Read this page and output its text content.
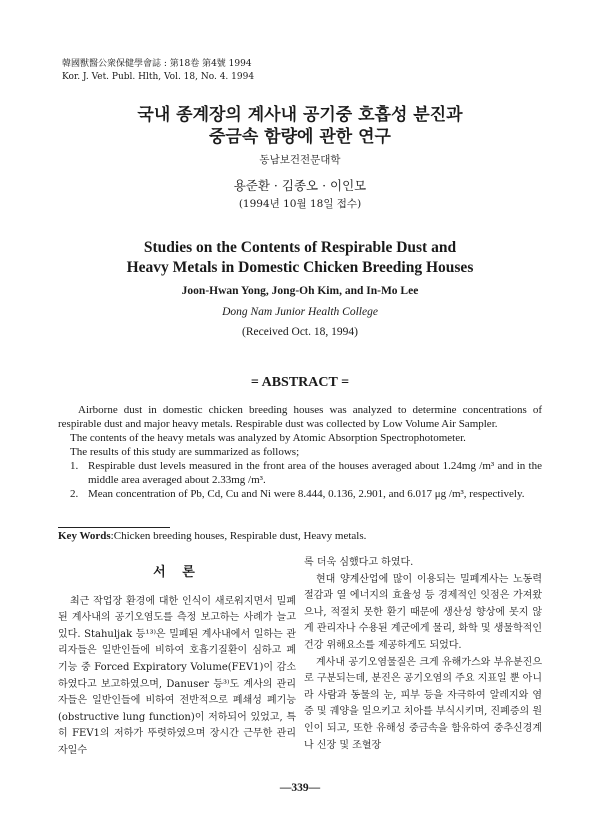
韓國獸醫公衆保健學會誌 : 第18卷 第4號 1994
Kor. J. Vet. Publ. Hlth, Vol. 18, No. 4. 1994
국내 종계장의 계사내 공기중 호흡성 분진과
중금속 함량에 관한 연구
동남보건전문대학
용준환 · 김종오 · 이인모
(1994년 10월 18일 접수)
Studies on the Contents of Respirable Dust and
Heavy Metals in Domestic Chicken Breeding Houses
Joon-Hwan Yong, Jong-Oh Kim, and In-Mo Lee
Dong Nam Junior Health College
(Received Oct. 18, 1994)
= ABSTRACT =

Airborne dust in domestic chicken breeding houses was analyzed to determine concentrations of respirable dust and major heavy metals. Respirable dust was collected by Low Volume Air Sampler.

The contents of the heavy metals was analyzed by Atomic Absorption Spectrophotometer.

The results of this study are summarized as follows;

1. Respirable dust levels measured in the front area of the houses averaged about 1.24mg /m³ and in the middle area averaged about 2.33mg /m³.
2. Mean concentration of Pb, Cd, Cu and Ni were 8.444, 0.136, 2.901, and 6.017 μg /m³, respectively.
Key Words:Chicken breeding houses, Respirable dust, Heavy metals.
서 론

최근 작업장 환경에 대한 인식이 새로워지면서 밀폐된 계사내의 공기오염도를 측정 보고하는 사례가 늘고 있다. Stahuljak 등¹³⁾은 밀폐된 계사내에서 일하는 관리자들은 일반인들에 비하여 호흡기질환이 심하고 폐기능 중 Forced Expiratory Volume(FEV1)이 감소하였다고 보고하였으며, Danuser 등³⁾도 계사의 관리자들은 일반인들에 비하여 전반적으로 폐쇄성 폐기능 (obstructive lung function)이 저하되어 있었고, 특히 FEV1의 저하가 뚜렷하였으며 장시간 근무한 관리자일수

록 더욱 심했다고 하였다.

현대 양계산업에 많이 이용되는 밀폐계사는 노동력 절감과 열 에너지의 효율성 등 경제적인 잇점은 가져왔으나, 적절치 못한 환기 때문에 생산성 향상에 못지 않게 관리자나 수용된 계군에게 물리, 화학 및 생물학적인 건강 위해요소를 제공하게도 되었다.

계사내 공기오염물질은 크게 유해가스와 부유분진으로 구분되는데, 분진은 공기오염의 주요 지표일 뿐 아니라 사람과 동물의 눈, 피부 등을 자극하여 알레지와 염증 및 궤양을 일으키고 치아를 부식시키며, 진폐증의 원인이 되고, 또한 유해성 중금속을 함유하여 중추신경계나 신장 및 조혈장

—339—
